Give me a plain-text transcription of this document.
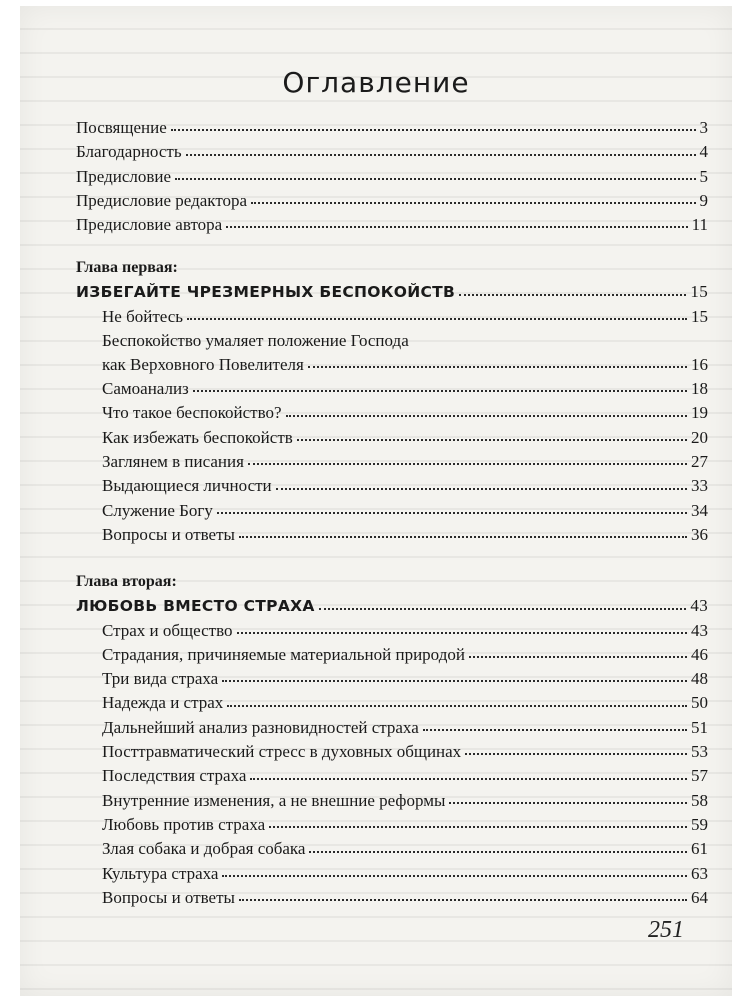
Оглавление
Посвящение	3
Благодарность	4
Предисловие	5
Предисловие редактора	9
Предисловие автора	11
Глава первая:
ИЗБЕГАЙТЕ ЧРЕЗМЕРНЫХ БЕСПОКОЙСТВ	15
Не бойтесь	15
Беспокойство умаляет положение Господа
как Верховного Повелителя	16
Самоанализ	18
Что такое беспокойство?	19
Как избежать беспокойств	20
Заглянем в писания	27
Выдающиеся личности	33
Служение Богу	34
Вопросы и ответы	36
Глава вторая:
ЛЮБОВЬ ВМЕСТО СТРАХА	43
Страх и общество	43
Страдания, причиняемые материальной природой	46
Три вида страха	48
Надежда и страх	50
Дальнейший анализ разновидностей страха	51
Посттравматический стресс в духовных общинах	53
Последствия страха	57
Внутренние изменения, а не внешние реформы	58
Любовь против страха	59
Злая собака и добрая собака	61
Культура страха	63
Вопросы и ответы	64
251
